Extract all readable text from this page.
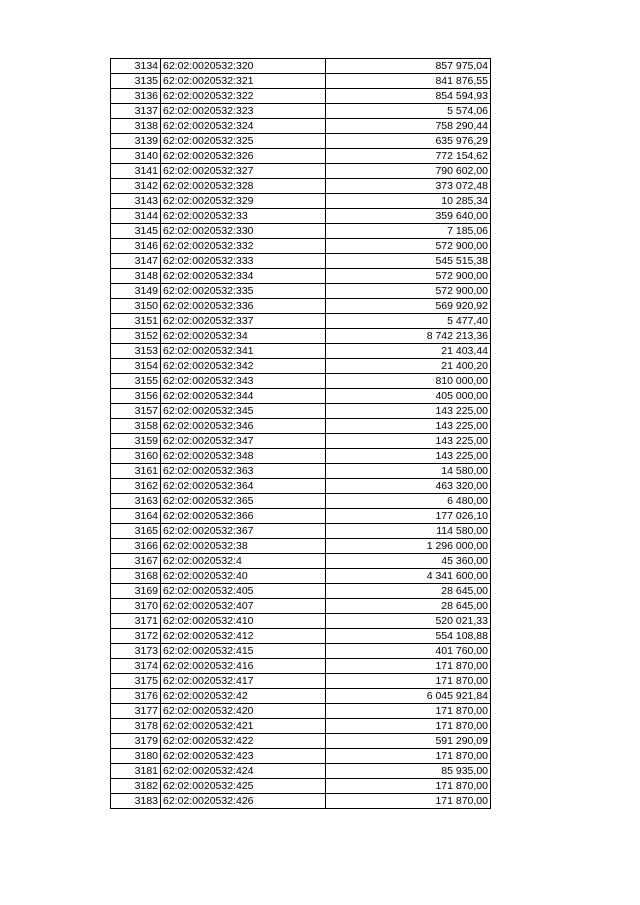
3134	62:02:0020532:320	857 975,04
3135	62:02:0020532:321	841 876,55
3136	62:02:0020532:322	854 594,93
3137	62:02:0020532:323	5 574,06
3138	62:02:0020532:324	758 290,44
3139	62:02:0020532:325	635 976,29
3140	62:02:0020532:326	772 154,62
3141	62:02:0020532:327	790 602,00
3142	62:02:0020532:328	373 072,48
3143	62:02:0020532:329	10 285,34
3144	62:02:0020532:33	359 640,00
3145	62:02:0020532:330	7 185,06
3146	62:02:0020532:332	572 900,00
3147	62:02:0020532:333	545 515,38
3148	62:02:0020532:334	572 900,00
3149	62:02:0020532:335	572 900,00
3150	62:02:0020532:336	569 920,92
3151	62:02:0020532:337	5 477,40
3152	62:02:0020532:34	8 742 213,36
3153	62:02:0020532:341	21 403,44
3154	62:02:0020532:342	21 400,20
3155	62:02:0020532:343	810 000,00
3156	62:02:0020532:344	405 000,00
3157	62:02:0020532:345	143 225,00
3158	62:02:0020532:346	143 225,00
3159	62:02:0020532:347	143 225,00
3160	62:02:0020532:348	143 225,00
3161	62:02:0020532:363	14 580,00
3162	62:02:0020532:364	463 320,00
3163	62:02:0020532:365	6 480,00
3164	62:02:0020532:366	177 026,10
3165	62:02:0020532:367	114 580,00
3166	62:02:0020532:38	1 296 000,00
3167	62:02:0020532:4	45 360,00
3168	62:02:0020532:40	4 341 600,00
3169	62:02:0020532:405	28 645,00
3170	62:02:0020532:407	28 645,00
3171	62:02:0020532:410	520 021,33
3172	62:02:0020532:412	554 108,88
3173	62:02:0020532:415	401 760,00
3174	62:02:0020532:416	171 870,00
3175	62:02:0020532:417	171 870,00
3176	62:02:0020532:42	6 045 921,84
3177	62:02:0020532:420	171 870,00
3178	62:02:0020532:421	171 870,00
3179	62:02:0020532:422	591 290,09
3180	62:02:0020532:423	171 870,00
3181	62:02:0020532:424	85 935,00
3182	62:02:0020532:425	171 870,00
3183	62:02:0020532:426	171 870,00
